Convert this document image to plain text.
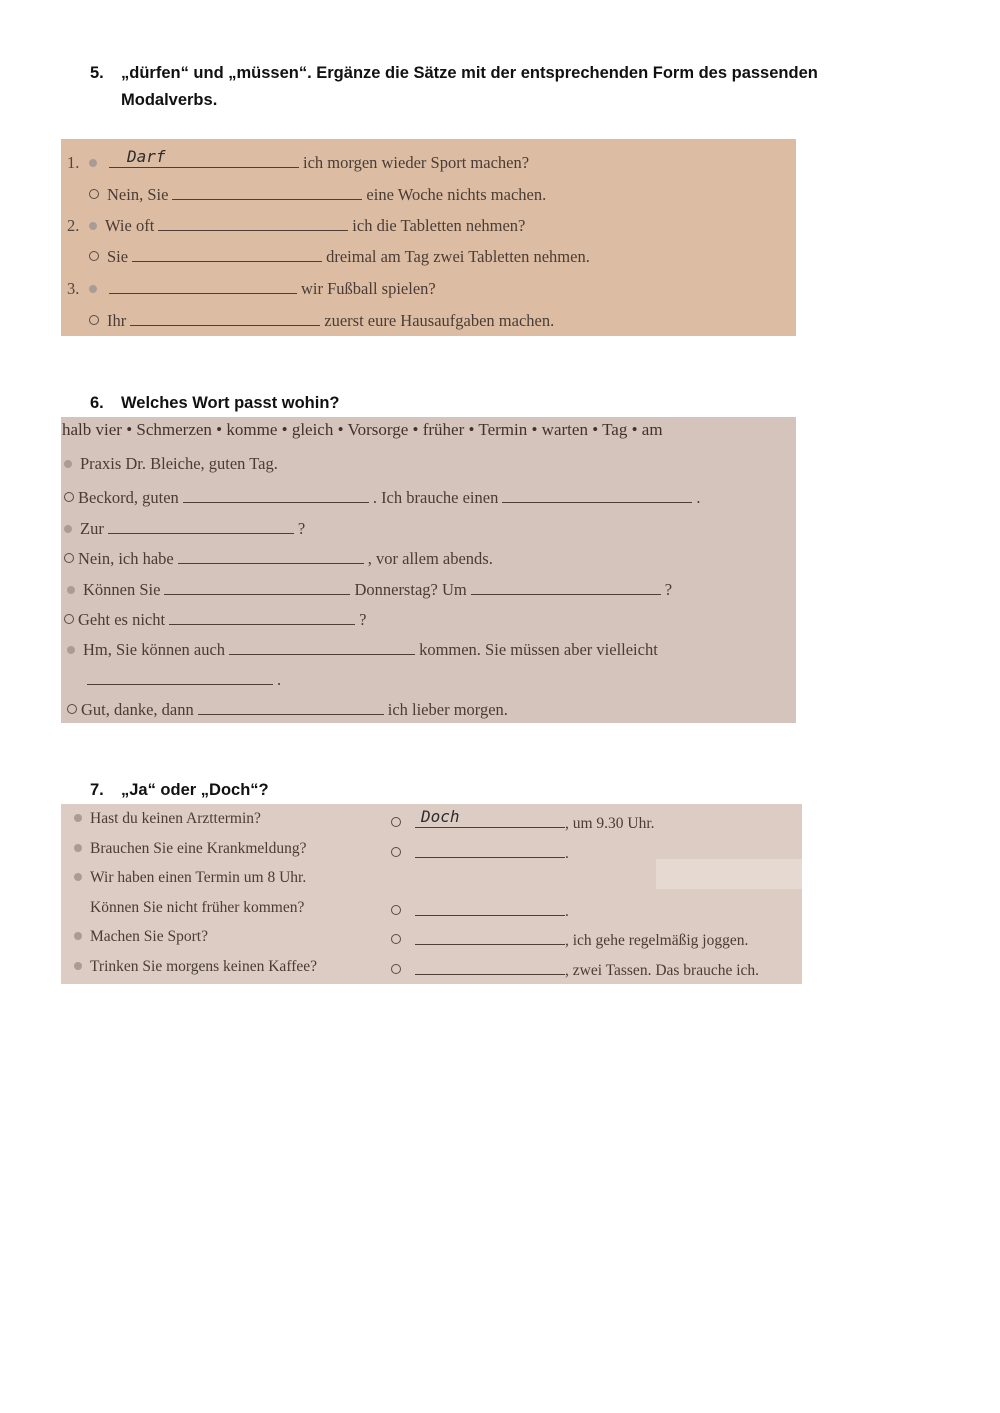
5. „dürfen“ und „müssen“. Ergänze die Sätze mit der entsprechenden Form des passenden
Modalverbs.
1.	Darf	ich morgen wieder Sport machen?
Nein, Sie	eine Woche nichts machen.
2.	Wie oft	ich die Tabletten nehmen?
Sie	dreimal am Tag zwei Tabletten nehmen.
3.	wir Fußball spielen?
Ihr	zuerst eure Hausaufgaben machen.
6. Welches Wort passt wohin?
halb vier • Schmerzen • komme • gleich • Vorsorge • früher • Termin • warten • Tag • am
Praxis Dr. Bleiche, guten Tag.
Beckord, guten	. Ich brauche einen	.
Zur	?
Nein, ich habe	, vor allem abends.
Können Sie	Donnerstag? Um	?
Geht es nicht	?
Hm, Sie können auch	kommen. Sie müssen aber vielleicht
.
Gut, danke, dann	ich lieber morgen.
7. „Ja“ oder „Doch“?
Hast du keinen Arzttermin?	Doch	, um 9.30 Uhr.
Brauchen Sie eine Krankmeldung?	.
Wir haben einen Termin um 8 Uhr.
Können Sie nicht früher kommen?	.
Machen Sie Sport?	, ich gehe regelmäßig joggen.
Trinken Sie morgens keinen Kaffee?	, zwei Tassen. Das brauche ich.
